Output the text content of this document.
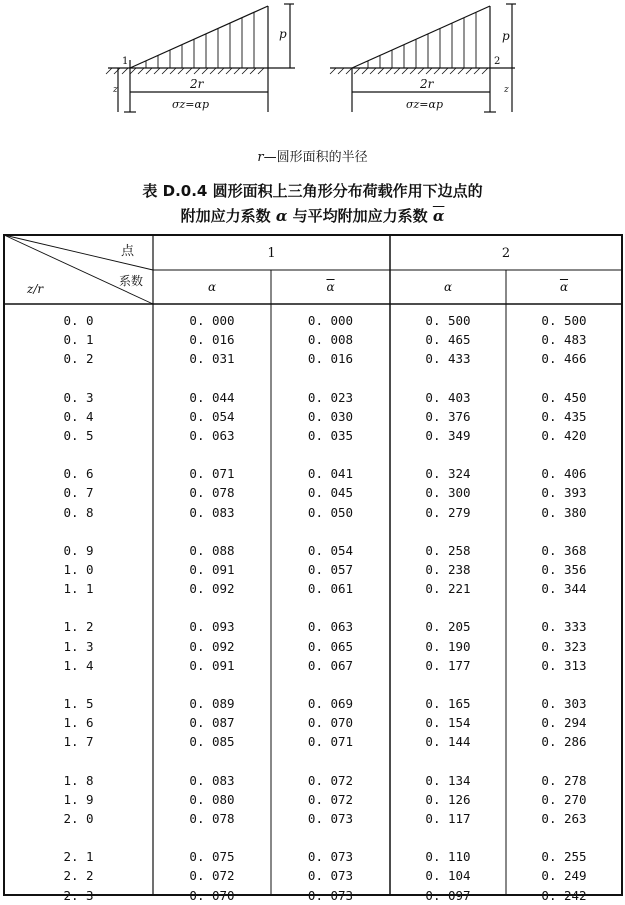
p
1
2r
σz=αp
z
p
2
2r
σz=αp
z
r—圆形面积的半径
表 D.0.4 圆形面积上三角形分布荷载作用下边点的
附加应力系数 α 与平均附加应力系数 $\overline{\alpha}$
点
系数
z/r
1	2
α	$\overline{\alpha}$	α	$\overline{\alpha}$
0. 0	0. 000	0. 000	0. 500	0. 500
0. 1	0. 016	0. 008	0. 465	0. 483
0. 2	0. 031	0. 016	0. 433	0. 466
0. 3	0. 044	0. 023	0. 403	0. 450
0. 4	0. 054	0. 030	0. 376	0. 435
0. 5	0. 063	0. 035	0. 349	0. 420
0. 6	0. 071	0. 041	0. 324	0. 406
0. 7	0. 078	0. 045	0. 300	0. 393
0. 8	0. 083	0. 050	0. 279	0. 380
0. 9	0. 088	0. 054	0. 258	0. 368
1. 0	0. 091	0. 057	0. 238	0. 356
1. 1	0. 092	0. 061	0. 221	0. 344
1. 2	0. 093	0. 063	0. 205	0. 333
1. 3	0. 092	0. 065	0. 190	0. 323
1. 4	0. 091	0. 067	0. 177	0. 313
1. 5	0. 089	0. 069	0. 165	0. 303
1. 6	0. 087	0. 070	0. 154	0. 294
1. 7	0. 085	0. 071	0. 144	0. 286
1. 8	0. 083	0. 072	0. 134	0. 278
1. 9	0. 080	0. 072	0. 126	0. 270
2. 0	0. 078	0. 073	0. 117	0. 263
2. 1	0. 075	0. 073	0. 110	0. 255
2. 2	0. 072	0. 073	0. 104	0. 249
2. 3	0. 070	0. 073	0. 097	0. 242
